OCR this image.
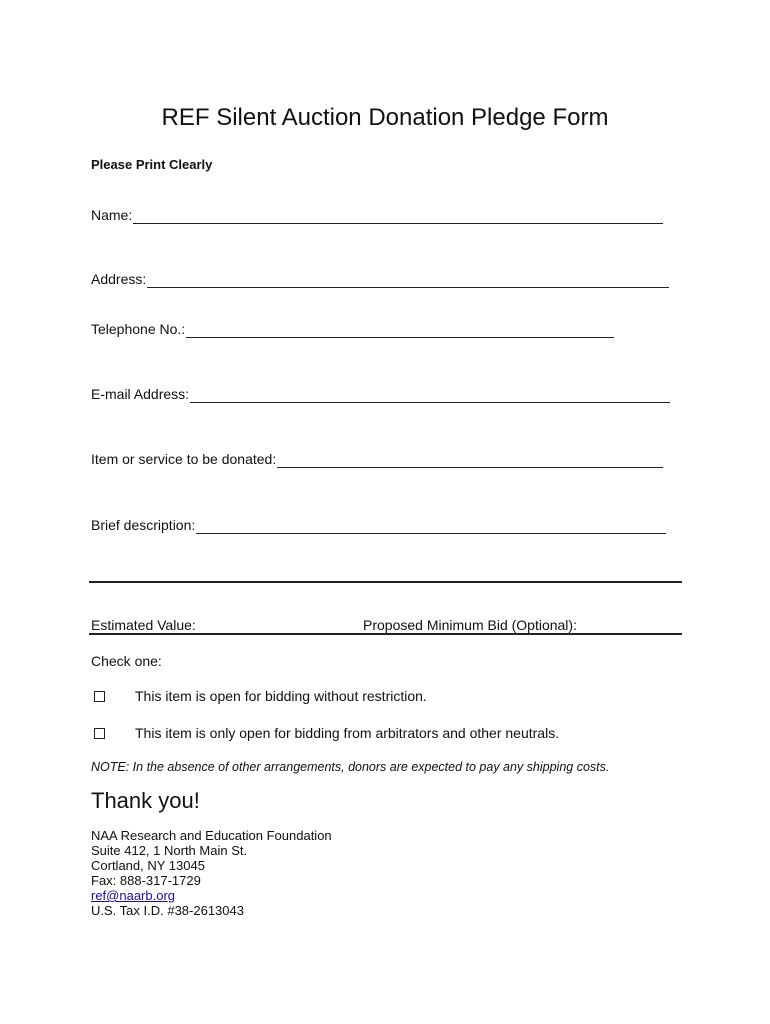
REF Silent Auction Donation Pledge Form
Please Print Clearly
Name:
Address:
Telephone No.:
E-mail Address:
Item or service to be donated:
Brief description:
Estimated Value:	Proposed Minimum Bid (Optional):
Check one:
This item is open for bidding without restriction.
This item is only open for bidding from arbitrators and other neutrals.
NOTE: In the absence of other arrangements, donors are expected to pay any shipping costs.
Thank you!
NAA Research and Education Foundation
Suite 412, 1 North Main St.
Cortland, NY 13045
Fax: 888-317-1729
ref@naarb.org
U.S. Tax I.D. #38-2613043
